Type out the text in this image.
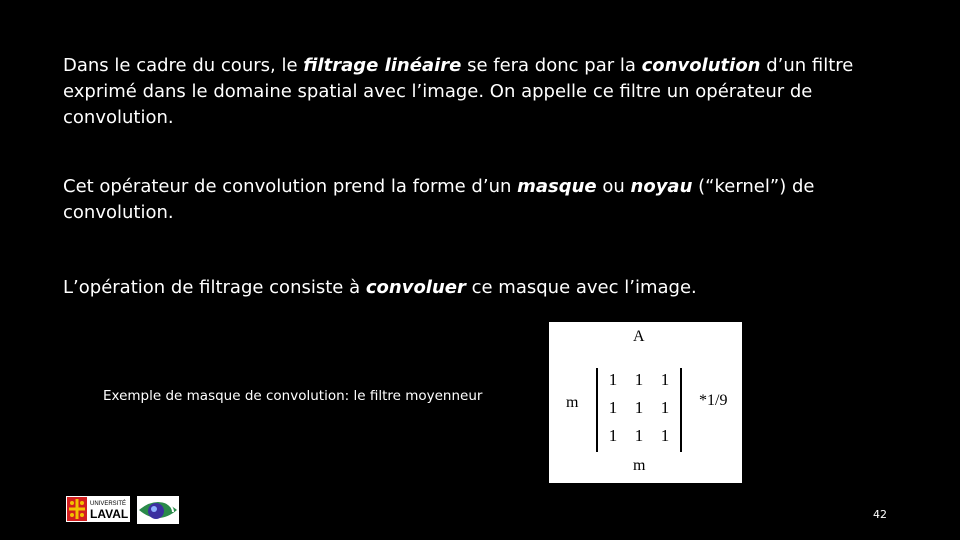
Dans le cadre du cours, le filtrage linéaire se fera donc par la convolution d’un filtre exprimé dans le domaine spatial avec l’image. On appelle ce filtre un opérateur de convolution.

Cet opérateur de convolution prend la forme d’un masque ou noyau (“kernel”) de convolution.

L’opération de filtrage consiste à convoluer ce masque avec l’image.

Exemple de masque de convolution: le filtre moyenneur
A
m
m
*1/9
1	1	1
1	1	1
1	1	1
UNIVERSITÉ
LAVAL	42
